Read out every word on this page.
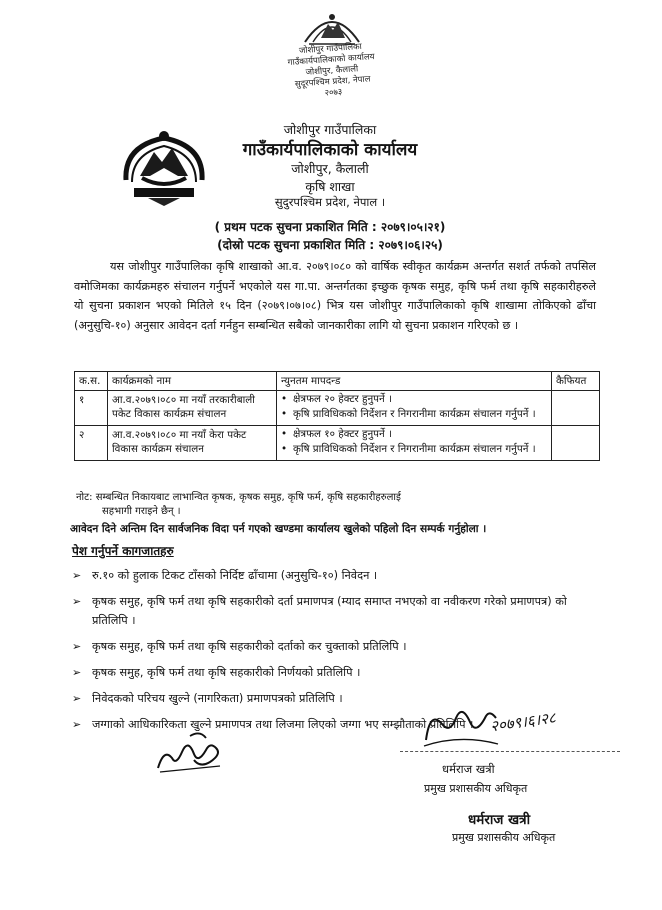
जोशीपुर गाउँपालिका
गाउँकार्यपालिकाको कार्यालय
जोशीपुर, कैलाली
सुदूरपश्चिम प्रदेश, नेपाल
२०७३
जोशीपुर गाउँपालिका
गाउँकार्यपालिकाको कार्यालय
जोशीपुर, कैलाली
कृषि शाखा
सुदुरपश्चिम प्रदेश, नेपाल ।
( प्रथम पटक सुचना प्रकाशित मिति : २०७९।०५।२१)
(दोस्रो पटक सुचना प्रकाशित मिति : २०७९।०६।२५)
यस जोशीपुर गाउँपालिका कृषि शाखाको आ.व. २०७९।०८० को वार्षिक स्वीकृत कार्यक्रम अन्तर्गत सशर्त तर्फको तपसिल वमोजिमका कार्यक्रमहरु संचालन गर्नुपर्ने भएकोले यस गा.पा. अन्तर्गतका इच्छुक कृषक समुह, कृषि फर्म तथा कृषि सहकारीहरुले यो सुचना प्रकाशन भएको मितिले १५ दिन (२०७९।०७।०८) भित्र यस जोशीपुर गाउँपालिकाको कृषि शाखामा तोकिएको ढाँचा (अनुसुचि-१०) अनुसार आवेदन दर्ता गर्नहुन सम्बन्धित सबैको जानकारीका लागि यो सुचना प्रकाशन गरिएको छ ।
क.स.	कार्यक्रमको नाम	न्युनतम मापदन्ड	कैफियत
१	आ.व.२०७९।०८० मा नयाँ तरकारीबाली पकेट विकास कार्यक्रम संचालन	• क्षेत्रफल २० हेक्टर हुनुपर्ने ।
• कृषि प्राविधिकको निर्देशन र निगरानीमा कार्यक्रम संचालन गर्नुपर्ने ।	

२	आ.व.२०७९।०८० मा नयाँ केरा पकेट विकास कार्यक्रम संचालन	• क्षेत्रफल १० हेक्टर हुनुपर्ने ।
• कृषि प्राविधिकको निर्देशन र निगरानीमा कार्यक्रम संचालन गर्नुपर्ने ।	

नोट: सम्बन्धित निकायबाट लाभान्वित कृषक, कृषक समुह, कृषि फर्म, कृषि सहकारीहरुलाई
सहभागी गराइने छैन् ।
आवेदन दिने अन्तिम दिन सार्वजनिक विदा पर्न गएको खण्डमा कार्यालय खुलेको पहिलो दिन सम्पर्क गर्नुहोला ।
पेश गर्नुपर्ने कागजातहरु
➢ रु.१० को हुलाक टिकट टाँसको निर्दिष्ट ढाँचामा (अनुसुचि-१०) निवेदन ।
➢ कृषक समुह, कृषि फर्म तथा कृषि सहकारीको दर्ता प्रमाणपत्र (म्याद समाप्त नभएको वा नवीकरण गरेको प्रमाणपत्र) को प्रतिलिपि ।
➢ कृषक समुह, कृषि फर्म तथा कृषि सहकारीको दर्ताको कर चुक्ताको प्रतिलिपि ।
➢ कृषक समुह, कृषि फर्म तथा कृषि सहकारीको निर्णयको प्रतिलिपि ।
➢ निवेदकको परिचय खुल्ने (नागरिकता) प्रमाणपत्रको प्रतिलिपि ।
➢ जग्गाको आधिकारिकता खुल्ने प्रमाणपत्र तथा लिजमा लिएको जग्गा भए सम्झौताको प्रतिलिपि । २०७९।६।२८
धर्मराज खत्री
प्रमुख प्रशासकीय अधिकृत
धर्मराज खत्री
प्रमुख प्रशासकीय अधिकृत
